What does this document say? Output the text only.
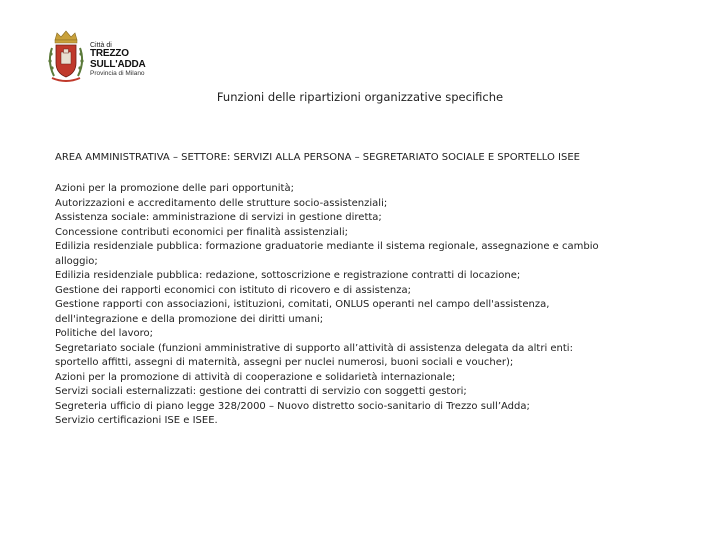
Città di
TREZZO SULL'ADDA
Provincia di Milano
Funzioni delle ripartizioni organizzative specifiche
AREA AMMINISTRATIVA – SETTORE: SERVIZI ALLA PERSONA – SEGRETARIATO SOCIALE E SPORTELLO ISEE
Azioni per la promozione delle pari opportunità;
Autorizzazioni e accreditamento delle strutture socio-assistenziali;
Assistenza sociale: amministrazione di servizi in gestione diretta;
Concessione contributi economici per finalità assistenziali;
Edilizia residenziale pubblica: formazione graduatorie mediante il sistema regionale, assegnazione e cambio
alloggio;
Edilizia residenziale pubblica: redazione, sottoscrizione e registrazione contratti di locazione;
Gestione dei rapporti economici con istituto di ricovero e di assistenza;
Gestione rapporti con associazioni, istituzioni, comitati, ONLUS operanti nel campo dell'assistenza,
dell'integrazione e della promozione dei diritti umani;
Politiche del lavoro;
Segretariato sociale (funzioni amministrative di supporto all’attività di assistenza delegata da altri enti:
sportello affitti, assegni di maternità, assegni per nuclei numerosi, buoni sociali e voucher);
Azioni per la promozione di attività di cooperazione e solidarietà internazionale;
Servizi sociali esternalizzati: gestione dei contratti di servizio con soggetti gestori;
Segreteria ufficio di piano legge 328/2000 – Nuovo distretto socio-sanitario di Trezzo sull’Adda;
Servizio certificazioni ISE e ISEE.
